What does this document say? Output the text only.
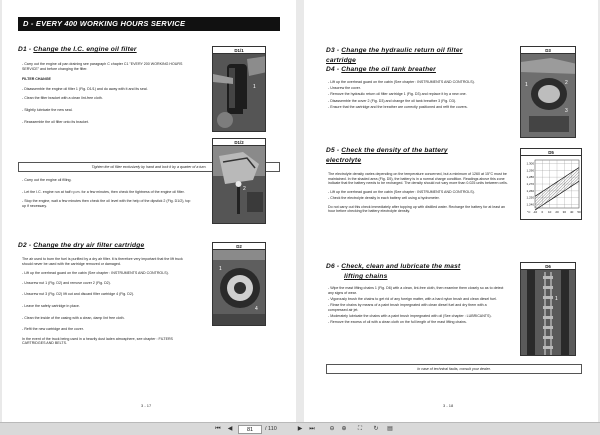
D - EVERY 400 WORKING HOURS SERVICE
D1 - Change the I.C. engine oil filter

- Carry out the engine oil pan draining see paragraph C chapter C1 "EVERY 200 WORKING HOURS SERVICE" and before changing the filter.

FILTER CHANGE

- Disassemble the engine oil filter 1 (Fig. D1/1) and do away with it and its seal.

- Clean the filter bracket with a clean lint-free cloth.

- Slightly lubricate the new seal.

- Reassemble the oil filter onto its bracket.

Tighten the oil filter exclusively by hand and lock it by a quarter of a turn.

- Carry out the engine oil filling.

- Let the I.C. engine run at half r.p.m. for a few minutes, then check the tightness of the engine oil filter.

- Stop the engine, wait a few minutes then check the oil level with the help of the dipstick 2 (Fig. D1/2), top up if necessary.

D1/1
1
D1/2
2
D2 - Change the dry air filter cartridge

The air used to burn the fuel is purified by a dry air filter. It is therefore very important that the lift truck should never be used with the cartridge removed or damaged.

- Lift up the overhead guard on the cabin (See chapter : INSTRUMENTS AND CONTROLS).

- Unscrew nut 1 (Fig. D2) and remove cover 2 (Fig. D2).

- Unscrew nut 3 (Fig. D2) lift out and discard filter cartridge 4 (Fig. D2).

- Leave the safety cartridge in place.

- Clean the inside of the casing with a clean, damp lint free cloth.

- Refit the new cartridge and the cover.

In the event of the truck being used in a heavily dust laden atmosphere, see chapter : FILTERS CARTRIDGES AND BELTS.

D2
1
4
3 - 17
D3 - Change the hydraulic return oil filter
cartridge
D4 - Change the oil tank breather

- Lift up the overhead guard on the cabin (See chapter : INSTRUMENTS AND CONTROLS).

- Unscrew the cover.

- Remove the hydraulic return oil filter cartridge 1 (Fig. D3) and replace it by a new one.

- Disassemble the cover 2 (Fig. D3) and change the oil tank breather 3 (Fig. D3).

- Ensure that the cartridge and the breather are correctly positioned and refit the covers.

D3
1	2
3
D5 - Check the density of the battery
electrolyte

The electrolyte density varies depending on the temperature concerned, but a minimum of 1260 at 15°C must be maintained. In the shaded area (Fig. D5), the battery is in a normal charge condition. Readings above this zone indicate that the battery needs to be recharged. The density should not vary more than 0.025 units between cells.

- Lift up the overhead guard on the cabin (See chapter : INSTRUMENTS AND CONTROLS).

- Check the electrolyte density in each battery cell using a hydrometer.

Do not carry out this check immediately after topping up with distilled water. Recharge the battery for at least an hour before checking the battery electrolyte density.

D5
1,300
1,290
1,280
1,270
1,260
1,250
1,240
°C -10 0 10 20 30 40 50
D6 - Check, clean and lubricate the mast
lifting chains

- Wipe the mast lifting chains 1 (Fig. D6) with a clean, lint-free cloth, then examine them closely so as to detect any signs of wear.

- Vigorously brush the chains to get rid of any foreign matter, with a hard nylon brush and clean diesel fuel.

- Rinse the chains by means of a paint brush impregnated with clean diesel fuel and dry them with a compressed air jet.

- Moderately lubricate the chains with a paint brush impregnated with oil (See chapter : LUBRICANTS).

- Remove the excess of oil with a clean cloth on the full length of the mast lifting chains.

D6
1
In case of technical faults, consult your dealer.
3 - 18
⏮ ◀	81	/ 110	▶ ⏭ ⊖ ⊕	⛶	↻ ▤
